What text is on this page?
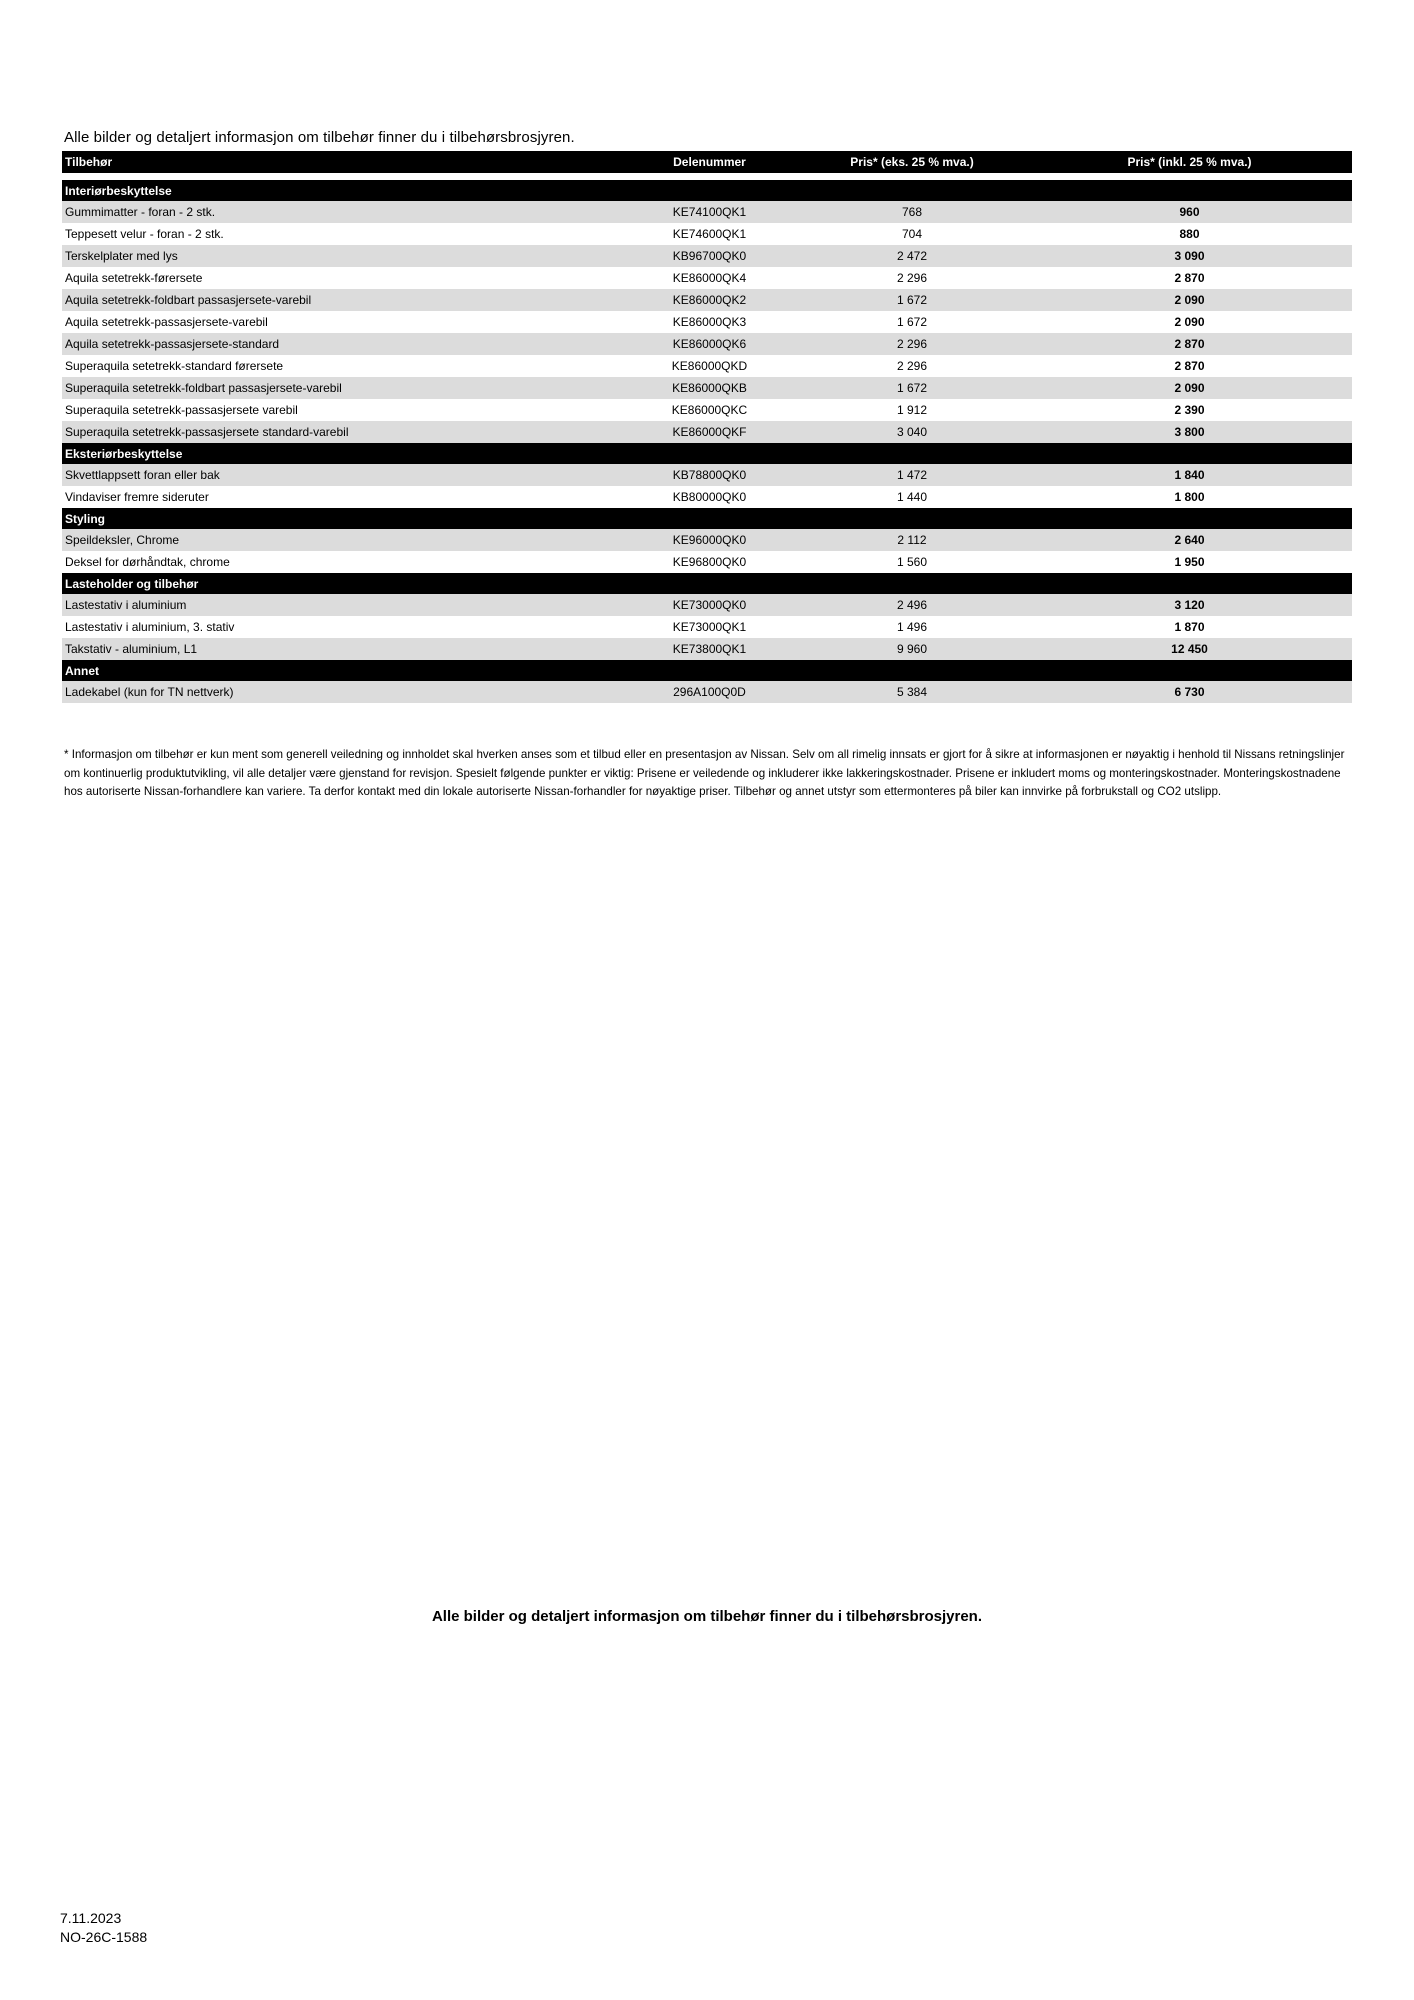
Alle bilder og detaljert informasjon om tilbehør finner du i tilbehørsbrosjyren.
Tilbehør	Delenummer	Pris* (eks. 25 % mva.)	Pris* (inkl. 25 % mva.)

Interiørbeskyttelse			
Gummimatter - foran - 2 stk.	KE74100QK1	768	960
Teppesett velur - foran - 2 stk.	KE74600QK1	704	880
Terskelplater med lys	KB96700QK0	2 472	3 090
Aquila setetrekk-førersete	KE86000QK4	2 296	2 870
Aquila setetrekk-foldbart passasjersete-varebil	KE86000QK2	1 672	2 090
Aquila setetrekk-passasjersete-varebil	KE86000QK3	1 672	2 090
Aquila setetrekk-passasjersete-standard	KE86000QK6	2 296	2 870
Superaquila setetrekk-standard førersete	KE86000QKD	2 296	2 870
Superaquila setetrekk-foldbart passasjersete-varebil	KE86000QKB	1 672	2 090
Superaquila setetrekk-passasjersete varebil	KE86000QKC	1 912	2 390
Superaquila setetrekk-passasjersete standard-varebil	KE86000QKF	3 040	3 800
Eksteriørbeskyttelse			
Skvettlappsett foran eller bak	KB78800QK0	1 472	1 840
Vindaviser fremre sideruter	KB80000QK0	1 440	1 800
Styling			
Speildeksler, Chrome	KE96000QK0	2 112	2 640
Deksel for dørhåndtak, chrome	KE96800QK0	1 560	1 950
Lasteholder og tilbehør			
Lastestativ i aluminium	KE73000QK0	2 496	3 120
Lastestativ i aluminium, 3. stativ	KE73000QK1	1 496	1 870
Takstativ - aluminium, L1	KE73800QK1	9 960	12 450
Annet			
Ladekabel (kun for TN nettverk)	296A100Q0D	5 384	6 730
* Informasjon om tilbehør er kun ment som generell veiledning og innholdet skal hverken anses som et tilbud eller en presentasjon av Nissan. Selv om all rimelig innsats er gjort for å sikre at informasjonen er nøyaktig i henhold til Nissans retningslinjer om kontinuerlig produktutvikling, vil alle detaljer være gjenstand for revisjon. Spesielt følgende punkter er viktig: Prisene er veiledende og inkluderer ikke lakkeringskostnader. Prisene er inkludert moms og monteringskostnader. Monteringskostnadene hos autoriserte Nissan-forhandlere kan variere. Ta derfor kontakt med din lokale autoriserte Nissan-forhandler for nøyaktige priser. Tilbehør og annet utstyr som ettermonteres på biler kan innvirke på forbrukstall og CO2 utslipp.
Alle bilder og detaljert informasjon om tilbehør finner du i tilbehørsbrosjyren.
7.11.2023
NO-26C-1588
